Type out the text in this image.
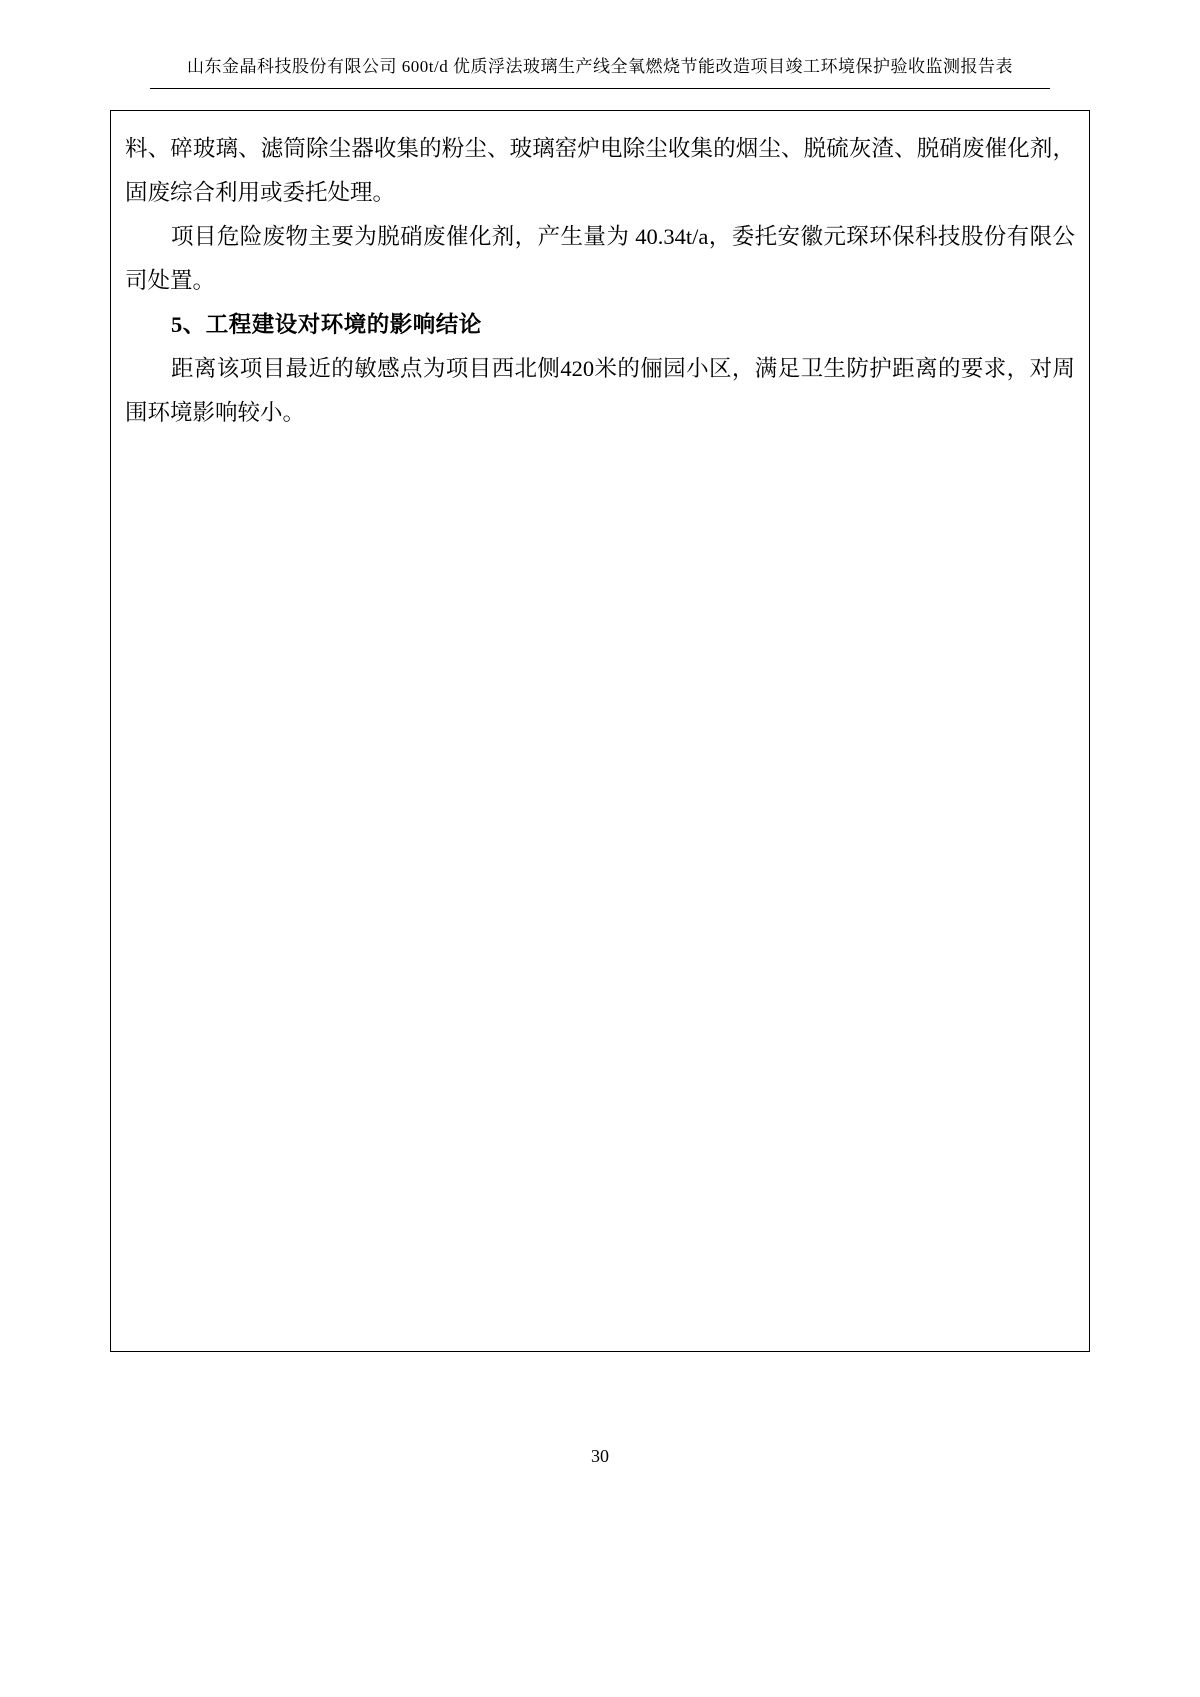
山东金晶科技股份有限公司 600t/d 优质浮法玻璃生产线全氧燃烧节能改造项目竣工环境保护验收监测报告表

料、碎玻璃、滤筒除尘器收集的粉尘、玻璃窑炉电除尘收集的烟尘、脱硫灰渣、脱硝废催化剂，固废综合利用或委托处理。

项目危险废物主要为脱硝废催化剂，产生量为 40.34t/a，委托安徽元琛环保科技股份有限公司处置。

5、工程建设对环境的影响结论

距离该项目最近的敏感点为项目西北侧420米的俪园小区，满足卫生防护距离的要求，对周围环境影响较小。

30
